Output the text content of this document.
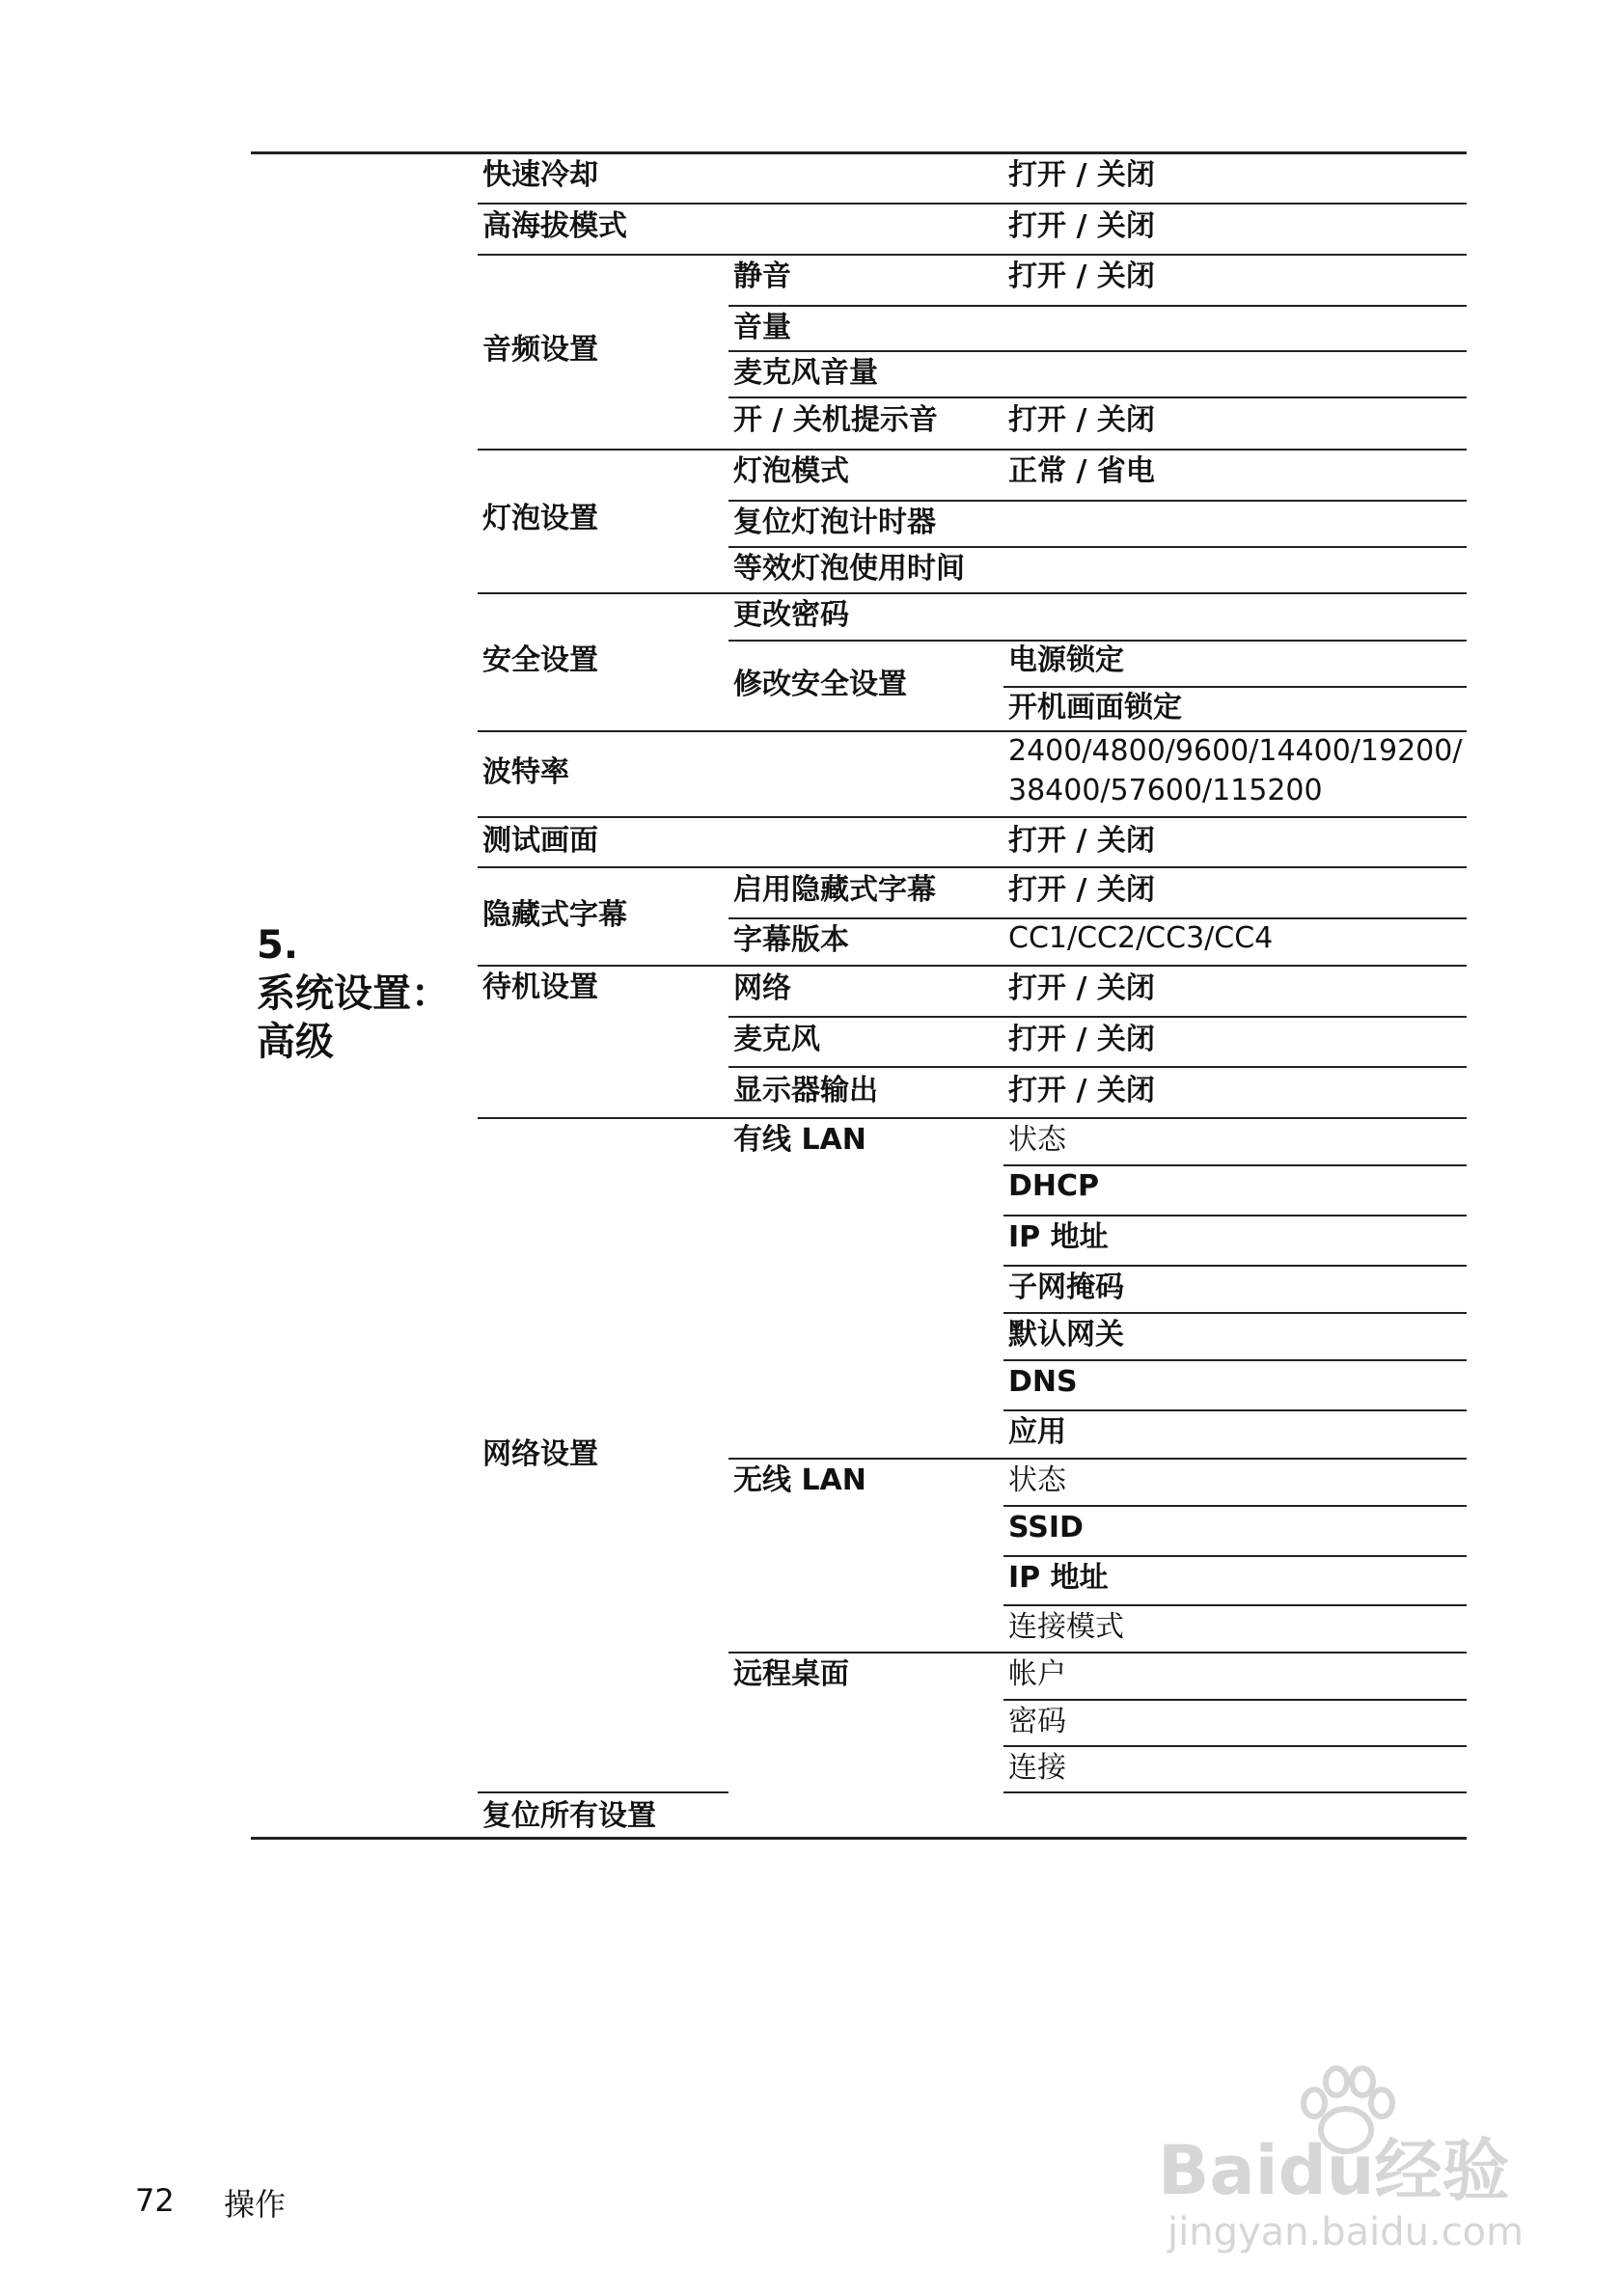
5.
系统设置：
高级
快速冷却
高海拔模式
音频设置
灯泡设置
安全设置
波特率
测试画面
隐藏式字幕
待机设置
网络设置
复位所有设置
静音
音量
麦克风音量
开 / 关机提示音
灯泡模式
复位灯泡计时器
等效灯泡使用时间
更改密码
修改安全设置
启用隐藏式字幕
字幕版本
网络
麦克风
显示器输出
有线 LAN
无线 LAN
远程桌面
打开 / 关闭
打开 / 关闭
打开 / 关闭
打开 / 关闭
正常 / 省电
电源锁定
开机画面锁定
2400/4800/9600/14400/19200/
38400/57600/115200
打开 / 关闭
打开 / 关闭
CC1/CC2/CC3/CC4
打开 / 关闭
打开 / 关闭
打开 / 关闭
状态
DHCP
IP 地址
子网掩码
默认网关
DNS
应用
状态
SSID
IP 地址
连接模式
帐户
密码
连接
72 操作	Baidu经验
jingyan.baidu.com
